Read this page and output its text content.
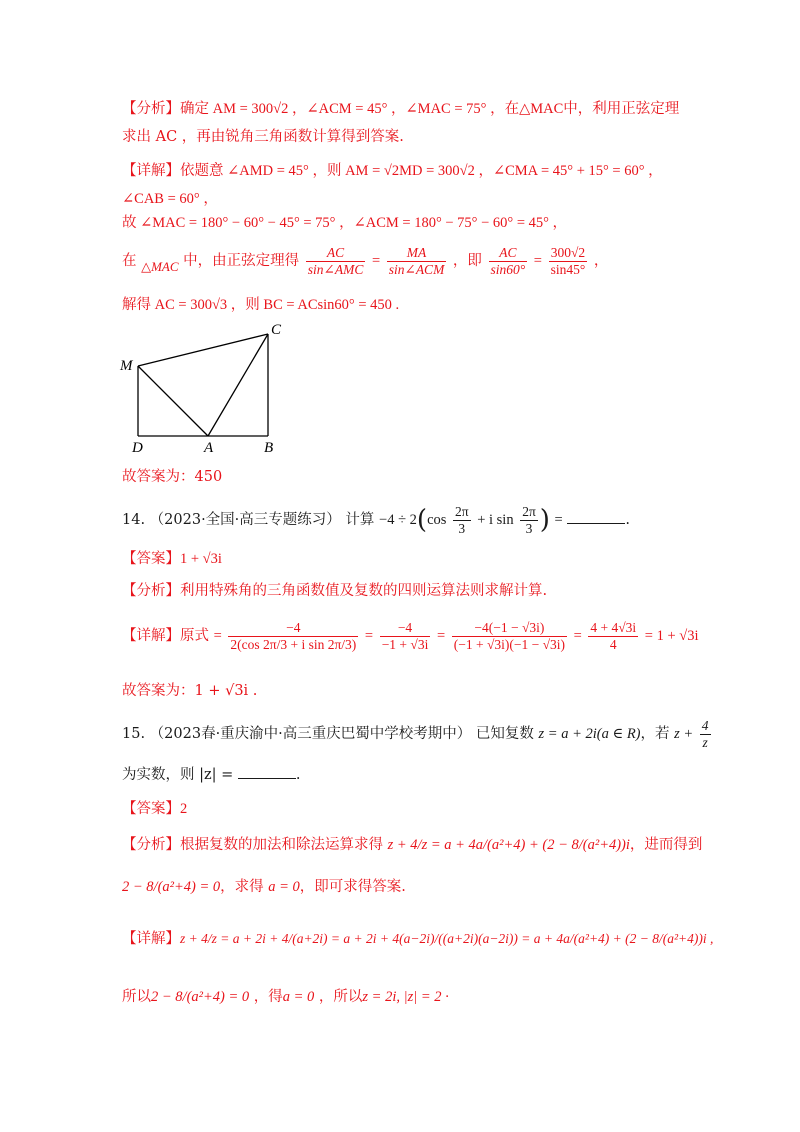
【分析】确定 AM = 300√2 ，∠ACM = 45° ，∠MAC = 75° ，在△MAC中，利用正弦定理
求出 AC ，再由锐角三角函数计算得到答案.
【详解】依题意 ∠AMD = 45° ，则 AM = √2MD = 300√2 ，∠CMA = 45° + 15° = 60° ，
∠CAB = 60° ，
故 ∠MAC = 180° − 60° − 45° = 75° ，∠ACM = 180° − 75° − 60° = 45° ，
在 △MAC 中，由正弦定理得 $\frac{AC}{\text{sin∠AMC}} = \frac{MA}{\text{sin∠ACM}}$ ，即 $\frac{AC}{\sin 60^\circ} = \frac{300√2}{\sin 45^\circ}$ ，
解得 AC = 300√3 ，则 BC = ACsin60° = 450 .
C
M
D	A	B
故答案为：450
14. （2023·全国·高三专题练习） 计算 $-4 \div 2(\cos \frac{2\pi}{3} + i$ $\sin \frac{2\pi}{3}$ ) =	.
【答案】1 + √3i
【分析】利用特殊角的三角函数值及复数的四则运算法则求解计算.
【详解】原式 = $\frac{-4}{\text{2(cos 2π/3 + i sin 2π/3)}} = \frac{-4}{-1 + √3i} = \frac{-4(-1 - √3i)}{(-1 + √3i)(-1 - √3i)} = \frac{4 + 4√3i}{4} = 1 + √3i$
故答案为：1 + √3i .
15. （2023春·重庆渝中·高三重庆巴蜀中学校考期中） 已知复数 z = a + 2i(a ∈ R)，若 $z + \frac{4}{z}$
为实数，则 |z| =	.
【答案】2
【分析】根据复数的加法和除法运算求得 z + 4/z = a + 4a/(a²+4) + (2 − 8/(a²+4))i，进而得到
2 − 8/(a²+4) = 0，求得 a = 0，即可求得答案.
【详解】z + 4/z = a + 2i + 4/(a+2i) = a + 2i + 4(a−2i)/((a+2i)(a−2i)) = a + 4a/(a²+4) + (2 − 8/(a²+4))i ,
所以2 − 8/(a²+4) = 0 ，得a = 0 ，所以z = 2i, |z| = 2 ·
